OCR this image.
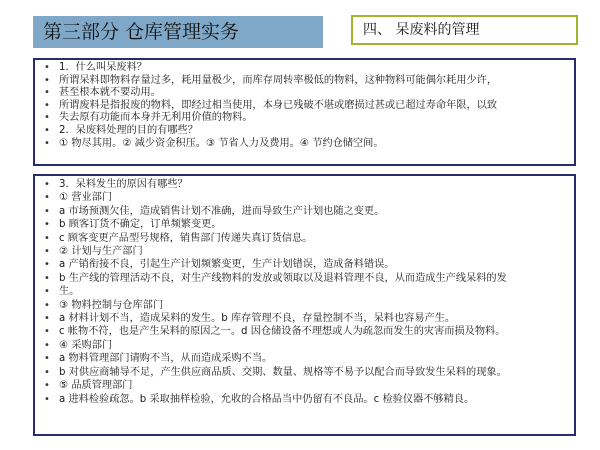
第三部分 仓库管理实务	四、 呆废料的管理
• 1．什么叫呆废料？
• 所谓呆料即物料存量过多，耗用量极少，而库存周转率极低的物料，这种物料可能偶尔耗用少许，
• 甚至根本就不要动用。
• 所谓废料是指报废的物料，即经过相当使用，本身已残破不堪或磨损过甚或已超过寿命年限，以致
• 失去原有功能而本身并无利用价值的物料。
• 2．呆废料处理的目的有哪些？
• ① 物尽其用。② 减少资金积压。③ 节省人力及费用。④ 节约仓储空间。
• 3．呆料发生的原因有哪些？
• ① 营业部门
• a 市场预测欠佳，造成销售计划不准确，进而导致生产计划也随之变更。
• b 顾客订货不确定，订单频繁变更。
• c 顾客变更产品型号规格，销售部门传递失真订货信息。
• ② 计划与生产部门
• a 产销衔接不良，引起生产计划频繁变更，生产计划错误，造成备料错误。
• b 生产线的管理活动不良，对生产线物料的发放或领取以及退料管理不良，从而造成生产线呆料的发
• 生。
• ③ 物料控制与仓库部门
• a 材料计划不当，造成呆料的发生。b 库存管理不良，存量控制不当，呆料也容易产生。
• c 帐物不符，也是产生呆料的原因之一。d 因仓储设备不理想或人为疏忽而发生的灾害而损及物料。
• ④ 采购部门
• a 物料管理部门请购不当，从而造成采购不当。
• b 对供应商辅导不足，产生供应商品质、交期、数量、规格等不易予以配合而导致发生呆料的现象。
• ⑤ 品质管理部门
• a 进料检验疏忽。b 采取抽样检验，允收的合格品当中仍留有不良品。c 检验仪器不够精良。
